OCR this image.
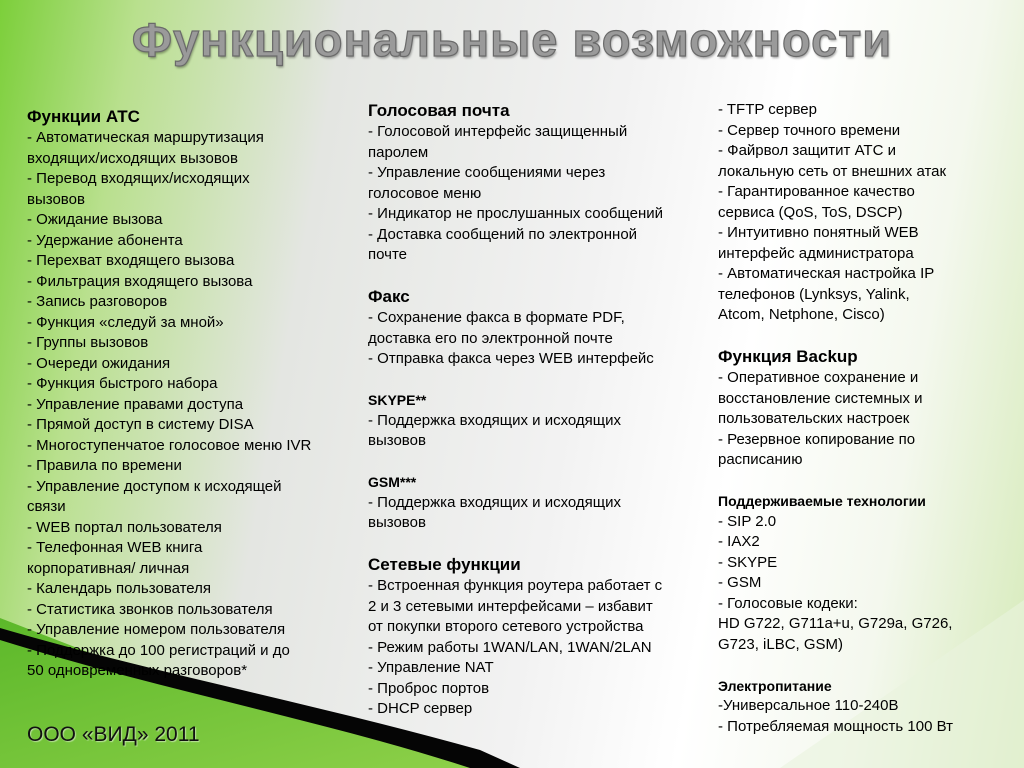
Функциональные возможности
Функции АТС
- Автоматическая маршрутизация
входящих/исходящих вызовов
- Перевод входящих/исходящих
вызовов
- Ожидание вызова
- Удержание абонента
- Перехват входящего вызова
- Фильтрация входящего вызова
- Запись разговоров
- Функция «следуй за мной»
- Группы вызовов
- Очереди ожидания
- Функция быстрого набора
- Управление правами доступа
- Прямой доступ в систему DISA
- Многоступенчатое голосовое меню IVR
- Правила по времени
- Управление доступом к исходящей
связи
- WEB портал пользователя
- Телефонная WEB книга
корпоративная/ личная
- Календарь пользователя
- Статистика звонков пользователя
- Управление номером пользователя
- Поддержка до 100 регистраций и до
50 одновременных разговоров*
Голосовая почта
- Голосовой интерфейс защищенный
паролем
- Управление сообщениями через
голосовое меню
- Индикатор не прослушанных сообщений
- Доставка сообщений по электронной
почте
Факс
- Сохранение факса в формате PDF,
доставка его по электронной почте
- Отправка факса через WEB интерфейс
SKYPE**
- Поддержка входящих и исходящих
вызовов
GSM***
- Поддержка входящих и исходящих
вызовов
Сетевые функции
- Встроенная функция роутера работает с
2 и 3 сетевыми интерфейсами – избавит
от покупки второго сетевого устройства
- Режим работы 1WAN/LAN, 1WAN/2LAN
- Управление NAT
- Проброс портов
- DHCP сервер
- TFTP сервер
- Сервер точного времени
- Файрвол защитит АТС и
локальную сеть от внешних атак
- Гарантированное качество
сервиса (QoS, ToS, DSCP)
- Интуитивно понятный WEB
интерфейс администратора
- Автоматическая настройка IP
телефонов (Lynksys, Yalink,
Atcom, Netphone, Cisco)
Функция Backup
- Оперативное сохранение и
восстановление системных и
пользовательских настроек
- Резервное копирование по
расписанию
Поддерживаемые технологии
- SIP 2.0
- IAX2
- SKYPE
- GSM
- Голосовые кодеки:
HD G722, G711a+u, G729a, G726,
G723, iLBC, GSM)
Электропитание
-Универсальное 110-240В
- Потребляемая мощность 100 Вт
ООО «ВИД» 2011
